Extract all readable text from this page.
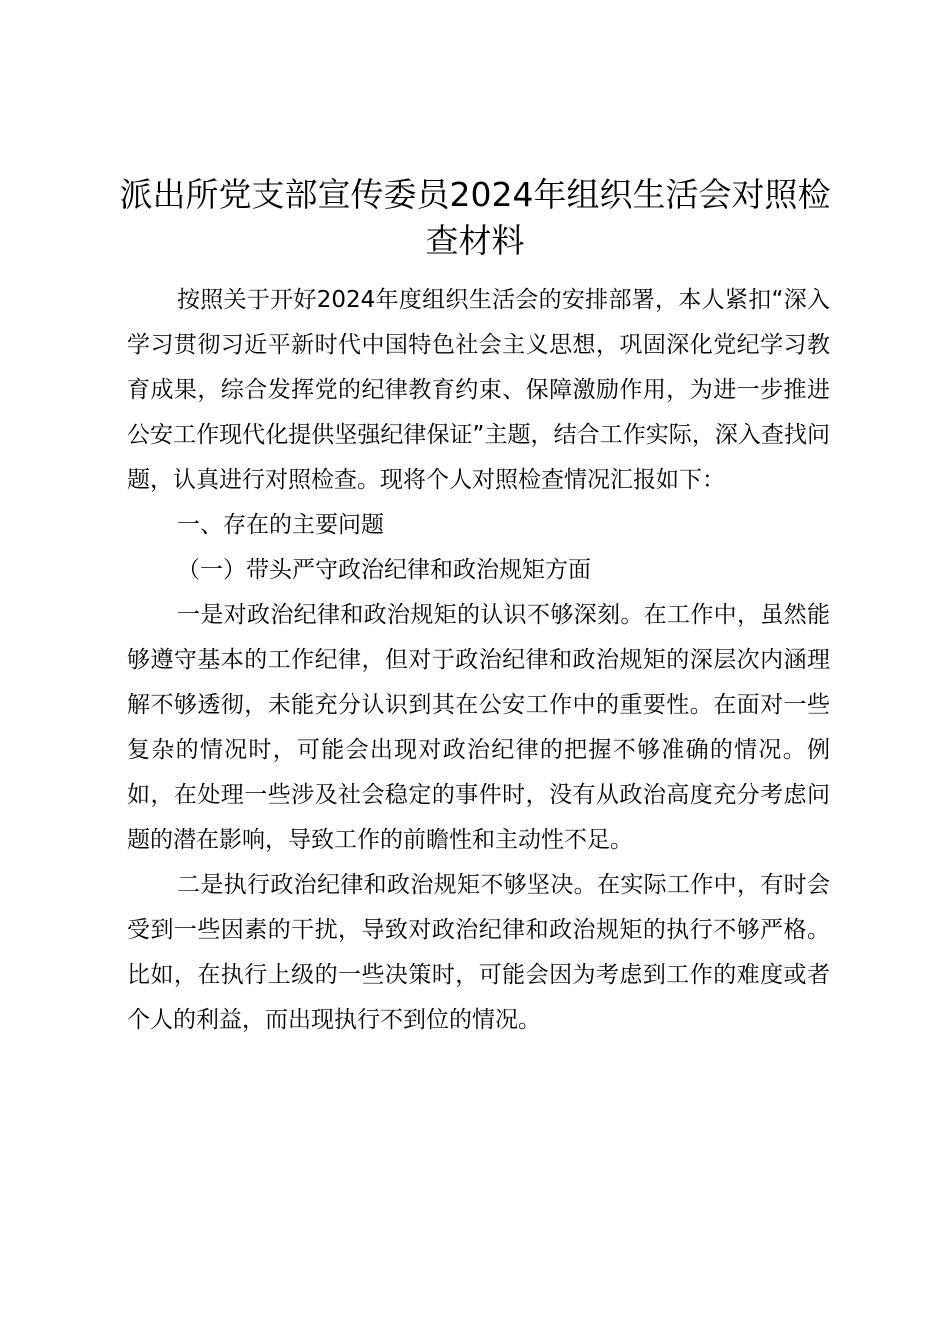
派出所党支部宣传委员2024年组织生活会对照检查材料

按照关于开好2024年度组织生活会的安排部署，本人紧扣“深入学习贯彻习近平新时代中国特色社会主义思想，巩固深化党纪学习教育成果，综合发挥党的纪律教育约束、保障激励作用，为进一步推进公安工作现代化提供坚强纪律保证”主题，结合工作实际，深入查找问题，认真进行对照检查。现将个人对照检查情况汇报如下：

一、存在的主要问题

（一）带头严守政治纪律和政治规矩方面

一是对政治纪律和政治规矩的认识不够深刻。在工作中，虽然能够遵守基本的工作纪律，但对于政治纪律和政治规矩的深层次内涵理解不够透彻，未能充分认识到其在公安工作中的重要性。在面对一些复杂的情况时，可能会出现对政治纪律的把握不够准确的情况。例如，在处理一些涉及社会稳定的事件时，没有从政治高度充分考虑问题的潜在影响，导致工作的前瞻性和主动性不足。

二是执行政治纪律和政治规矩不够坚决。在实际工作中，有时会受到一些因素的干扰，导致对政治纪律和政治规矩的执行不够严格。比如，在执行上级的一些决策时，可能会因为考虑到工作的难度或者个人的利益，而出现执行不到位的情况。
